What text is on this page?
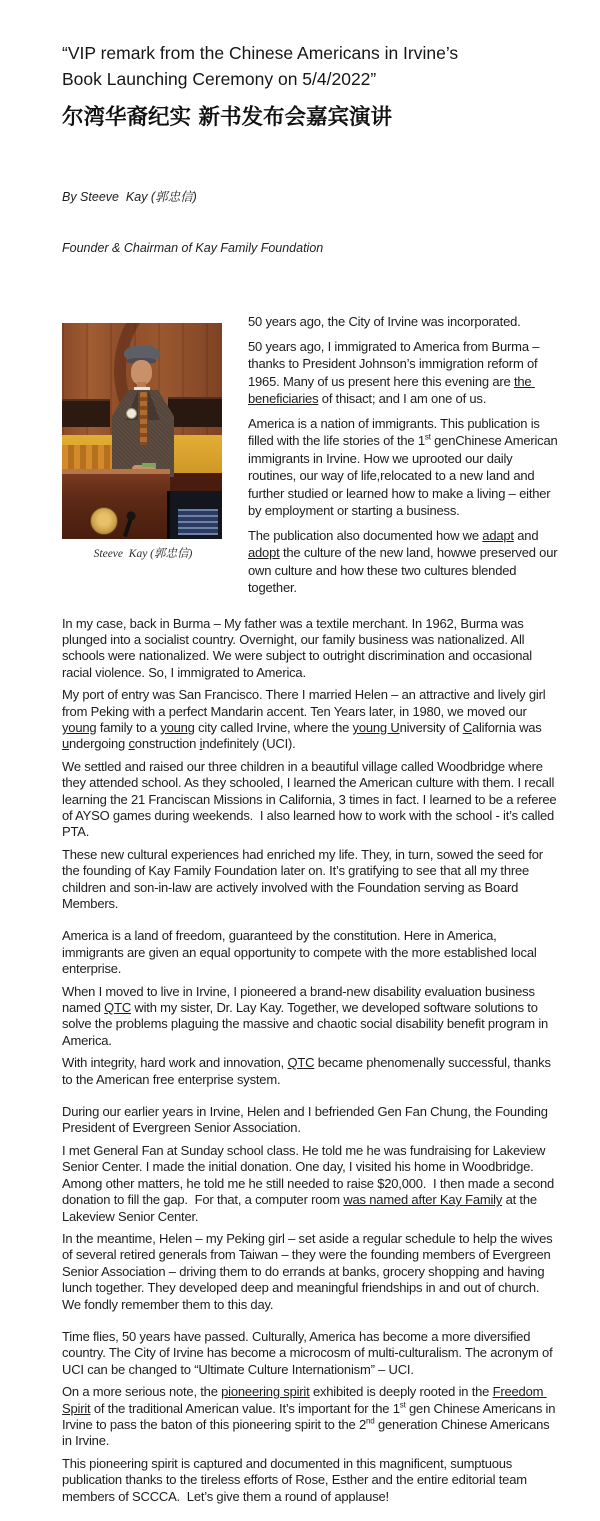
“VIP remark from the Chinese Americans in Irvine’s
Book Launching Ceremony on 5/4/2022”
尔湾华裔纪实 新书发布会嘉宾演讲

By Steeve  Kay (郭忠信)

Founder & Chairman of Kay Family Foundation

Steeve  Kay (郭忠信)

50 years ago, the City of Irvine was incorporated.

50 years ago, I immigrated to America from Burma – thanks to President Johnson’s immigration reform of 1965. Many of us present here this evening are the beneficiaries of thisact; and I am one of us.

America is a nation of immigrants. This publication is filled with the life stories of the 1st genChinese American immigrants in Irvine. How we uprooted our daily routines, our way of life,relocated to a new land and further studied or learned how to make a living – either by employment or starting a business.

The publication also documented how we adapt and adopt the culture of the new land, howwe preserved our own culture and how these two cultures blended together.

In my case, back in Burma – My father was a textile merchant. In 1962, Burma was plunged into a socialist country. Overnight, our family business was nationalized. All schools were nationalized. We were subject to outright discrimination and occasional racial violence. So, I immigrated to America.

My port of entry was San Francisco. There I married Helen – an attractive and lively girl from Peking with a perfect Mandarin accent. Ten Years later, in 1980, we moved our young family to a young city called Irvine, where the young University of California was undergoing construction indefinitely (UCI).

We settled and raised our three children in a beautiful village called Woodbridge where they attended school. As they schooled, I learned the American culture with them. I recall learning the 21 Franciscan Missions in California, 3 times in fact. I learned to be a referee of AYSO games during weekends.  I also learned how to work with the school - it’s called PTA.

These new cultural experiences had enriched my life. They, in turn, sowed the seed for the founding of Kay Family Foundation later on. It’s gratifying to see that all my three children and son-in-law are actively involved with the Foundation serving as Board Members.

America is a land of freedom, guaranteed by the constitution. Here in America, immigrants are given an equal opportunity to compete with the more established local enterprise.

When I moved to live in Irvine, I pioneered a brand-new disability evaluation business named QTC with my sister, Dr. Lay Kay. Together, we developed software solutions to solve the problems plaguing the massive and chaotic social disability benefit program in America.

With integrity, hard work and innovation, QTC became phenomenally successful, thanks to the American free enterprise system.

During our earlier years in Irvine, Helen and I befriended Gen Fan Chung, the Founding President of Evergreen Senior Association.

I met General Fan at Sunday school class. He told me he was fundraising for Lakeview Senior Center. I made the initial donation. One day, I visited his home in Woodbridge. Among other matters, he told me he still needed to raise $20,000.  I then made a second donation to fill the gap.  For that, a computer room was named after Kay Family at the Lakeview Senior Center.

In the meantime, Helen – my Peking girl – set aside a regular schedule to help the wives of several retired generals from Taiwan – they were the founding members of Evergreen Senior Association – driving them to do errands at banks, grocery shopping and having lunch together. They developed deep and meaningful friendships in and out of church. We fondly remember them to this day.

Time flies, 50 years have passed. Culturally, America has become a more diversified country. The City of Irvine has become a microcosm of multi-culturalism. The acronym of UCI can be changed to “Ultimate Culture Internationism” – UCI.

On a more serious note, the pioneering spirit exhibited is deeply rooted in the Freedom Spirit of the traditional American value. It’s important for the 1st gen Chinese Americans in Irvine to pass the baton of this pioneering spirit to the 2nd generation Chinese Americans in Irvine.

This pioneering spirit is captured and documented in this magnificent, sumptuous publication thanks to the tireless efforts of Rose, Esther and the entire editorial team members of SCCCA.  Let’s give them a round of applause!
